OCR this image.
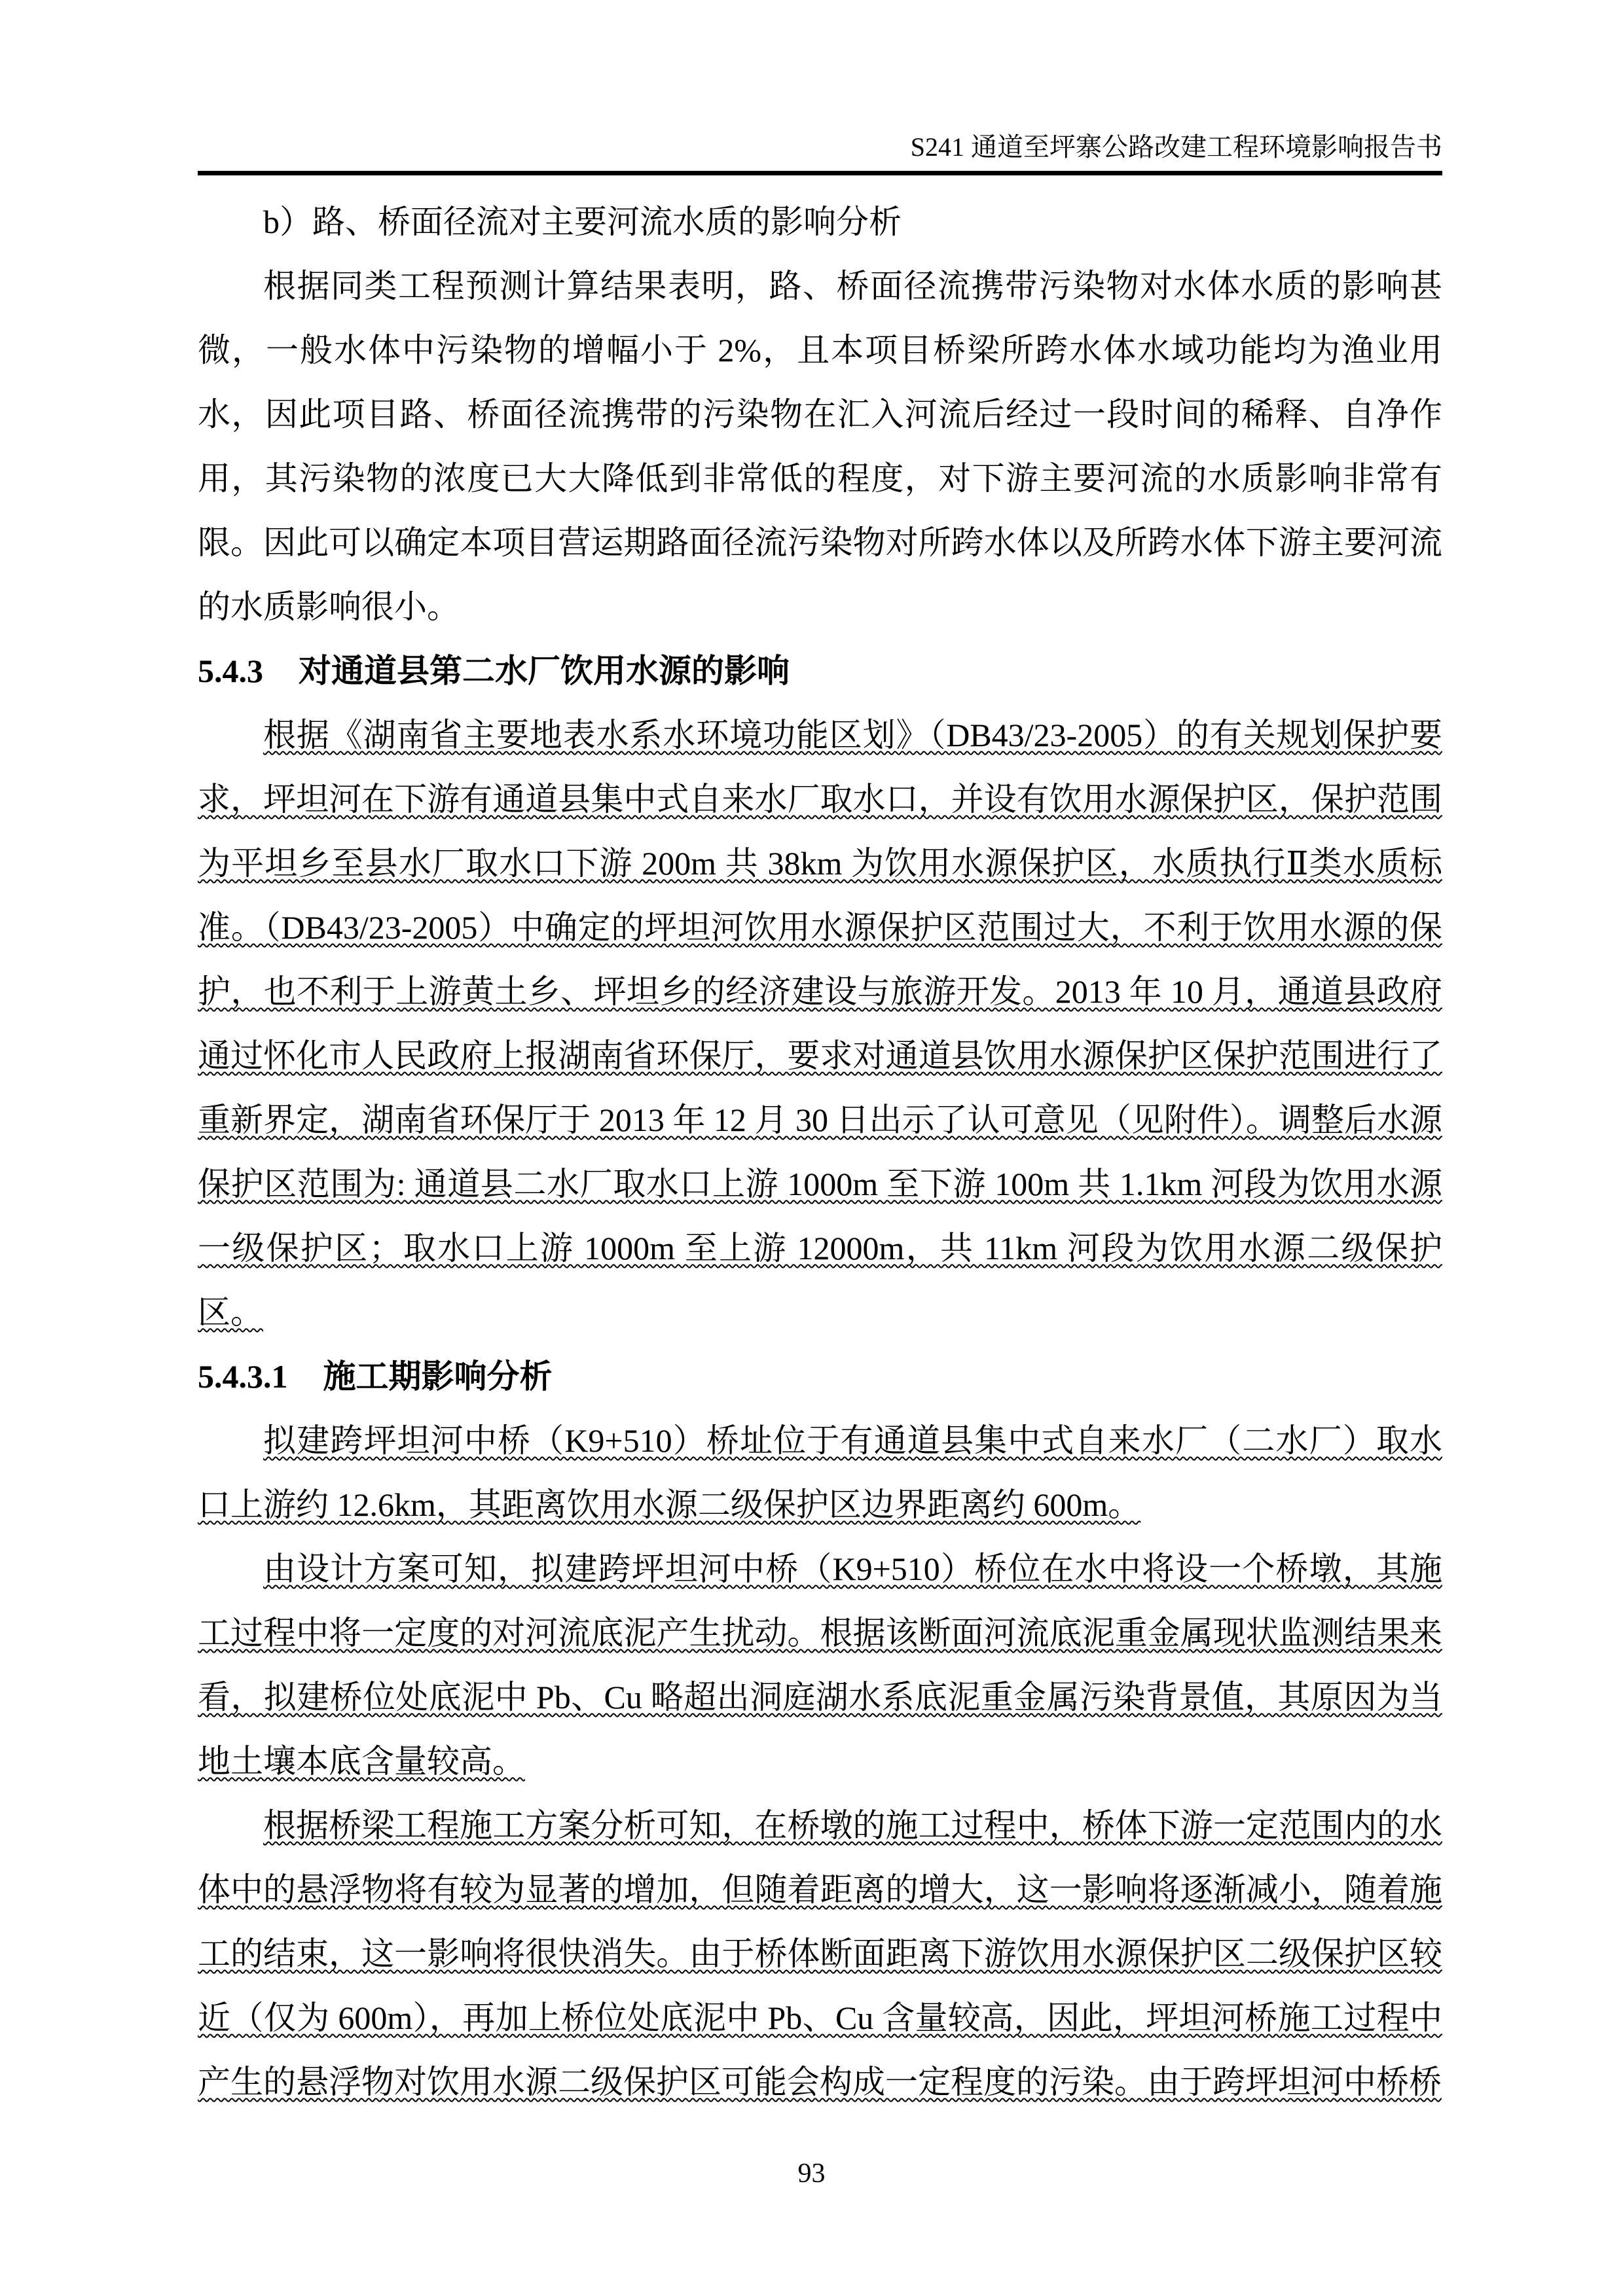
S241 通道至坪寨公路改建工程环境影响报告书

b）路、桥面径流对主要河流水质的影响分析

根据同类工程预测计算结果表明，路、桥面径流携带污染物对水体水质的影响甚微，一般水体中污染物的增幅小于 2%，且本项目桥梁所跨水体水域功能均为渔业用水，因此项目路、桥面径流携带的污染物在汇入河流后经过一段时间的稀释、自净作用，其污染物的浓度已大大降低到非常低的程度，对下游主要河流的水质影响非常有限。因此可以确定本项目营运期路面径流污染物对所跨水体以及所跨水体下游主要河流的水质影响很小。

5.4.3 对通道县第二水厂饮用水源的影响

根据《湖南省主要地表水系水环境功能区划》（DB43/23-2005）的有关规划保护要求，坪坦河在下游有通道县集中式自来水厂取水口，并设有饮用水源保护区，保护范围为平坦乡至县水厂取水口下游 200m 共 38km 为饮用水源保护区，水质执行Ⅱ类水质标准。（DB43/23-2005）中确定的坪坦河饮用水源保护区范围过大，不利于饮用水源的保护，也不利于上游黄土乡、坪坦乡的经济建设与旅游开发。2013 年 10 月，通道县政府通过怀化市人民政府上报湖南省环保厅，要求对通道县饮用水源保护区保护范围进行了重新界定，湖南省环保厅于 2013 年 12 月 30 日出示了认可意见（见附件）。调整后水源保护区范围为: 通道县二水厂取水口上游 1000m 至下游 100m 共 1.1km 河段为饮用水源一级保护区；取水口上游 1000m 至上游 12000m，共 11km 河段为饮用水源二级保护区。

5.4.3.1 施工期影响分析

拟建跨坪坦河中桥（K9+510）桥址位于有通道县集中式自来水厂（二水厂）取水口上游约 12.6km，其距离饮用水源二级保护区边界距离约 600m。

由设计方案可知，拟建跨坪坦河中桥（K9+510）桥位在水中将设一个桥墩，其施工过程中将一定度的对河流底泥产生扰动。根据该断面河流底泥重金属现状监测结果来看，拟建桥位处底泥中 Pb、Cu 略超出洞庭湖水系底泥重金属污染背景值，其原因为当地土壤本底含量较高。

根据桥梁工程施工方案分析可知，在桥墩的施工过程中，桥体下游一定范围内的水体中的悬浮物将有较为显著的增加，但随着距离的增大，这一影响将逐渐减小，随着施工的结束，这一影响将很快消失。由于桥体断面距离下游饮用水源保护区二级保护区较近（仅为 600m），再加上桥位处底泥中 Pb、Cu 含量较高，因此，坪坦河桥施工过程中产生的悬浮物对饮用水源二级保护区可能会构成一定程度的污染。由于跨坪坦河中桥桥

93
